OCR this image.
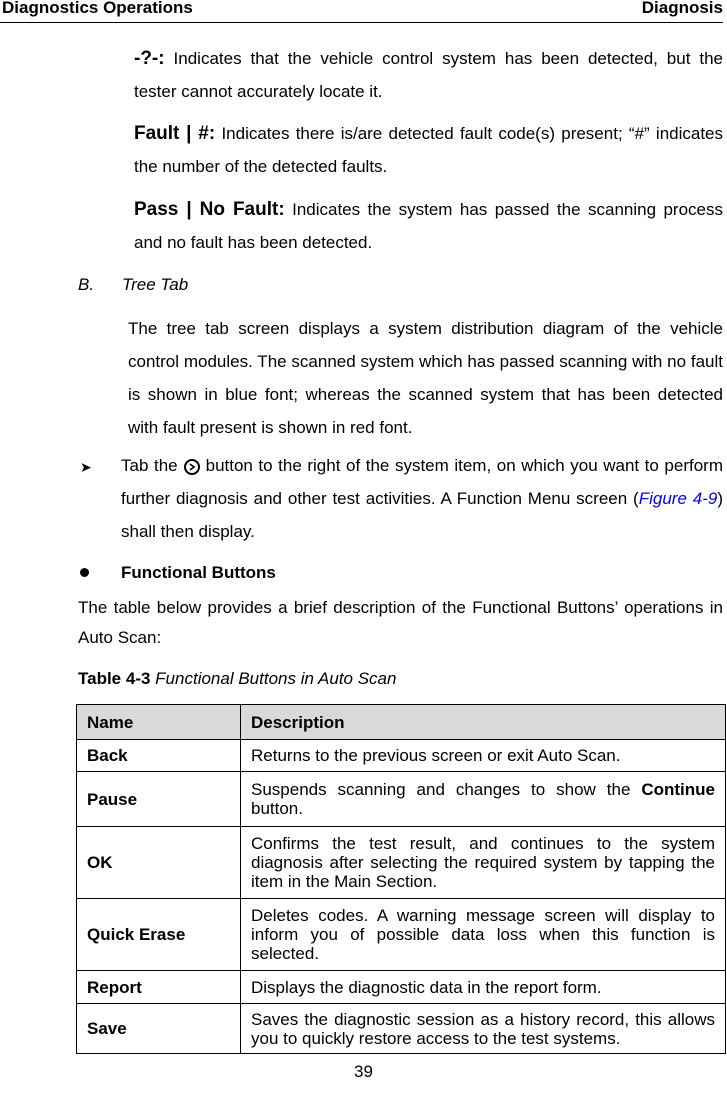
Diagnostics Operations	Diagnosis
-?-: Indicates that the vehicle control system has been detected, but the tester cannot accurately locate it.
Fault | #: Indicates there is/are detected fault code(s) present; “#” indicates the number of the detected faults.
Pass | No Fault: Indicates the system has passed the scanning process and no fault has been detected.
B. Tree Tab
The tree tab screen displays a system distribution diagram of the vehicle control modules. The scanned system which has passed scanning with no fault is shown in blue font; whereas the scanned system that has been detected with fault present is shown in red font.
➤ Tab the button to the right of the system item, on which you want to perform further diagnosis and other test activities. A Function Menu screen (Figure 4-9) shall then display.
Functional Buttons
The table below provides a brief description of the Functional Buttons’ operations in Auto Scan:
Table 4-3 Functional Buttons in Auto Scan
Name	Description
Back	Returns to the previous screen or exit Auto Scan.
Pause	Suspends scanning and changes to show the Continue button.
OK	Confirms the test result, and continues to the system diagnosis after selecting the required system by tapping the item in the Main Section.
Quick Erase	Deletes codes. A warning message screen will display to inform you of possible data loss when this function is selected.
Report	Displays the diagnostic data in the report form.
Save	Saves the diagnostic session as a history record, this allows you to quickly restore access to the test systems.
39
